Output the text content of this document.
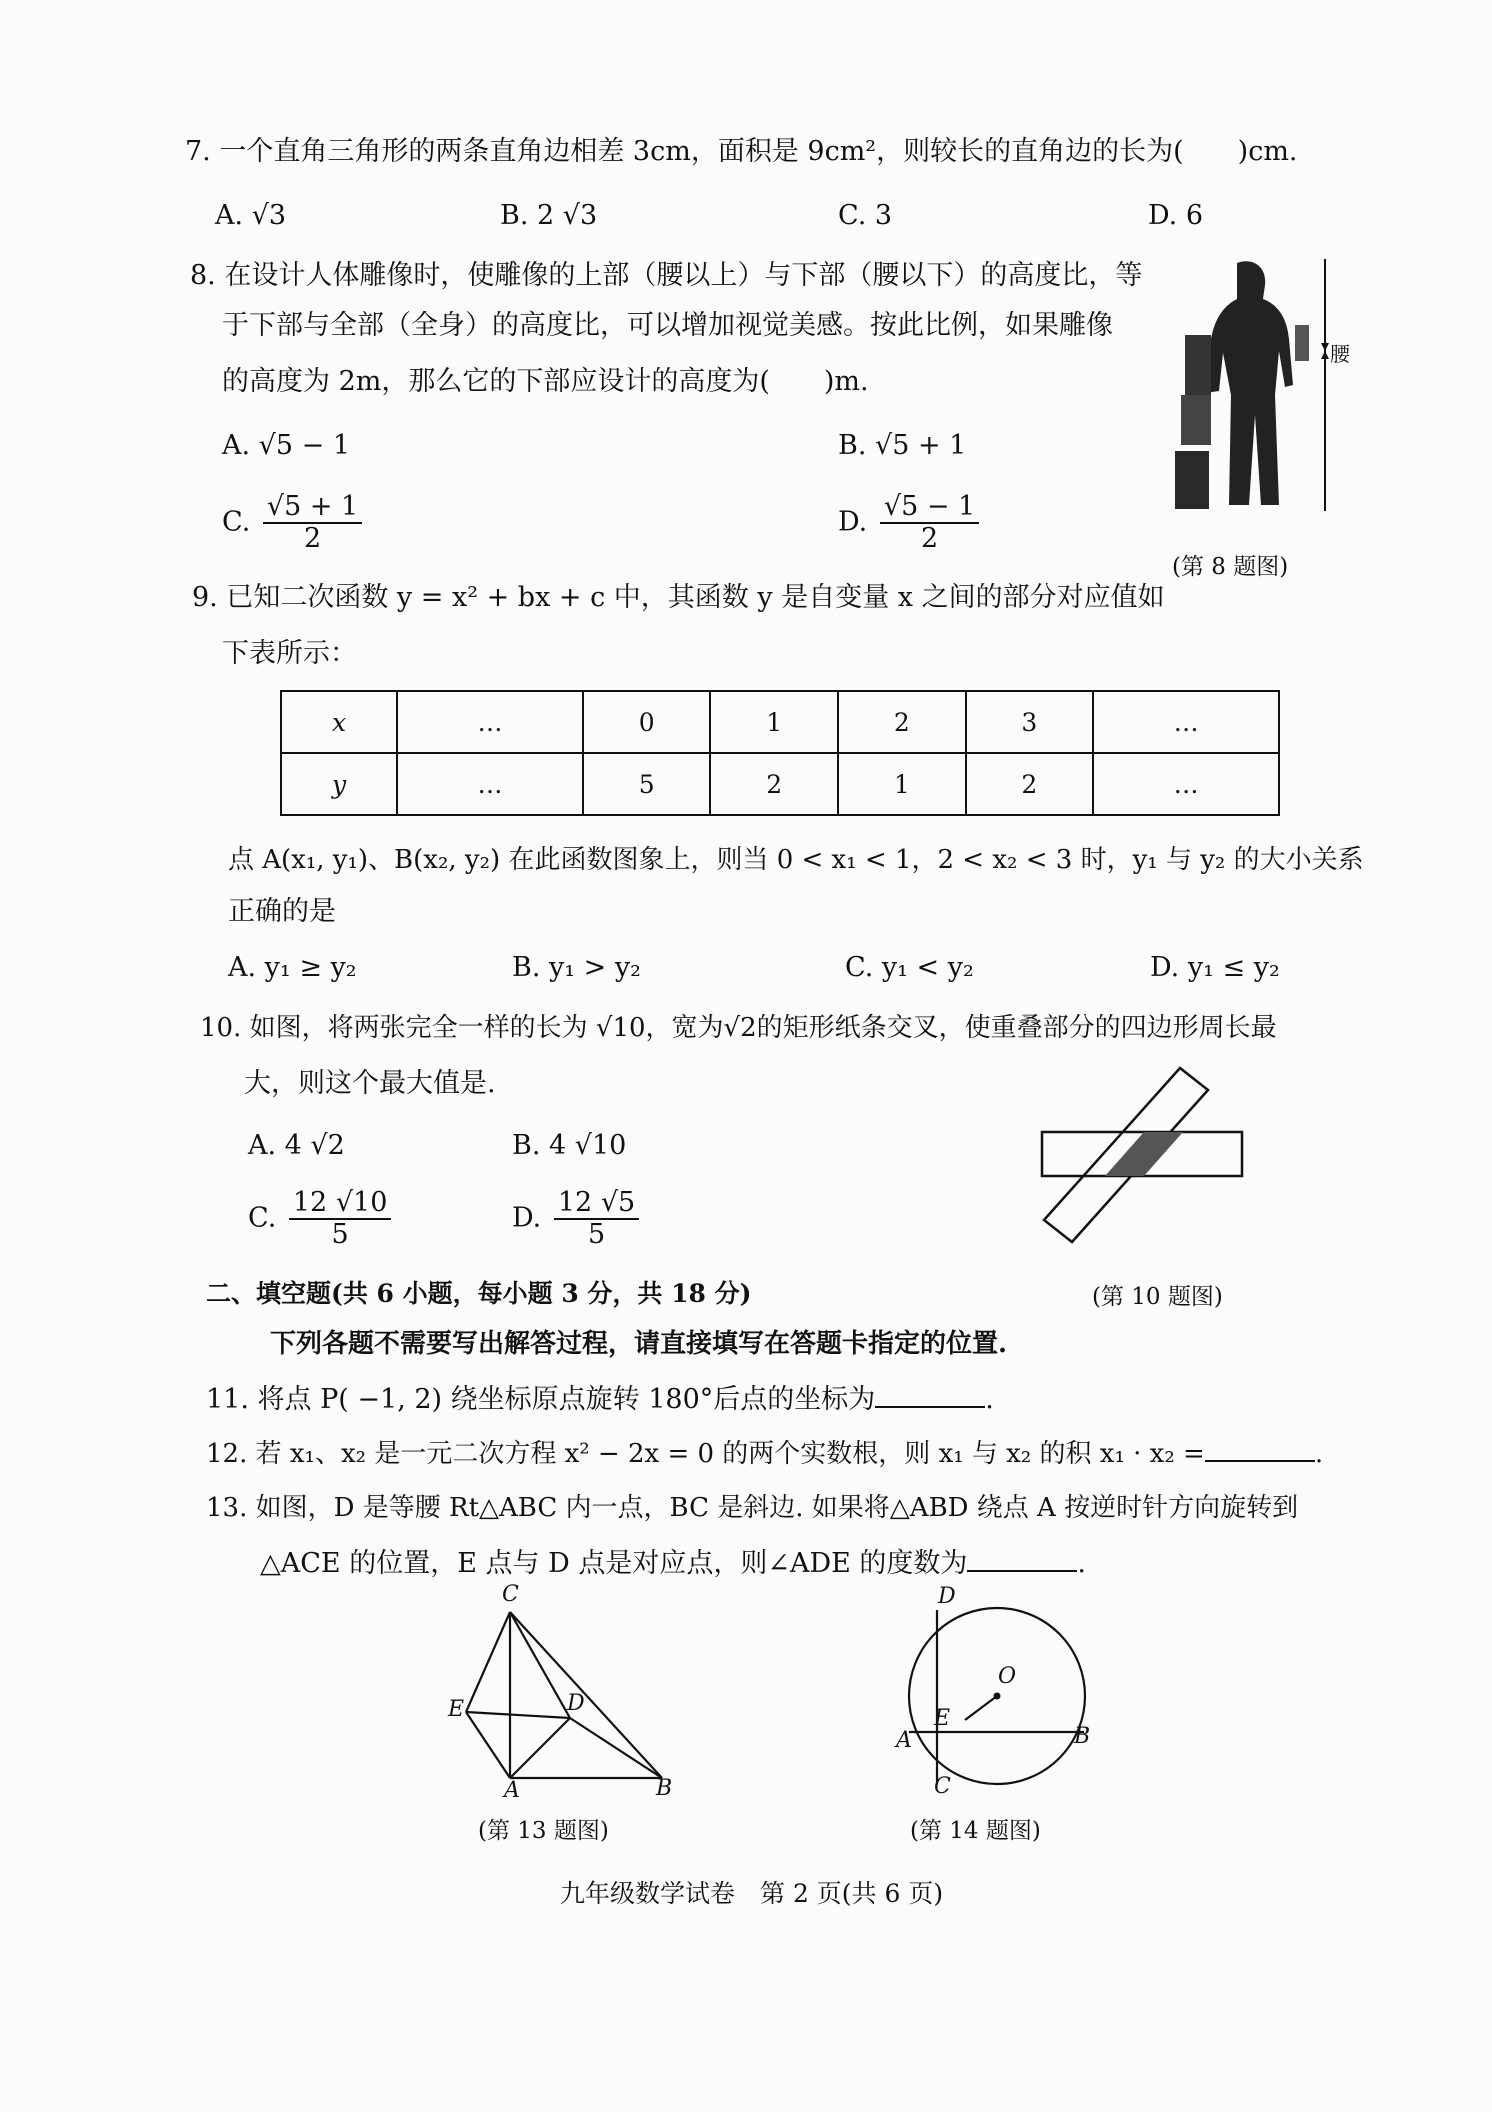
7. 一个直角三角形的两条直角边相差 3cm，面积是 9cm²，则较长的直角边的长为(　　)cm.
A. √3	B. 2 √3	C. 3	D. 6
8. 在设计人体雕像时，使雕像的上部（腰以上）与下部（腰以下）的高度比，等
于下部与全部（全身）的高度比，可以增加视觉美感。按此比例，如果雕像
的高度为 2m，那么它的下部应设计的高度为(　　)m.
A. √5 − 1	B. √5 + 1
C. $\frac{√5 + 1}{2}$	D. $\frac{√5 - 1}{2}$
腰
(第 8 题图)
9. 已知二次函数 y = x² + bx + c 中，其函数 y 是自变量 x 之间的部分对应值如
下表所示：
x	…	0	1	2	3	…
y	…	5	2	1	2	…
点 A(x₁, y₁)、B(x₂, y₂) 在此函数图象上，则当 0 < x₁ < 1，2 < x₂ < 3 时，y₁ 与 y₂ 的大小关系
正确的是
A. y₁ ≥ y₂	B. y₁ > y₂	C. y₁ < y₂	D. y₁ ≤ y₂
10. 如图，将两张完全一样的长为 √10，宽为√2的矩形纸条交叉，使重叠部分的四边形周长最
大，则这个最大值是.
A. 4 √2	B. 4 √10
C. $\frac{12 √10}{5}$	D. $\frac{12 √5}{5}$
(第 10 题图)
二、填空题(共 6 小题，每小题 3 分，共 18 分)
下列各题不需要写出解答过程，请直接填写在答题卡指定的位置.
11. 将点 P( −1, 2) 绕坐标原点旋转 180°后点的坐标为	.
12. 若 x₁、x₂ 是一元二次方程 x² − 2x = 0 的两个实数根，则 x₁ 与 x₂ 的积 x₁ · x₂ =	.
13. 如图，D 是等腰 Rt△ABC 内一点，BC 是斜边. 如果将△ABD 绕点 A 按逆时针方向旋转到
△ACE 的位置，E 点与 D 点是对应点，则∠ADE 的度数为	.
C
E	D
A	B
(第 13 题图)
D
O
E
A	B
C
(第 14 题图)
九年级数学试卷　第 2 页(共 6 页)
